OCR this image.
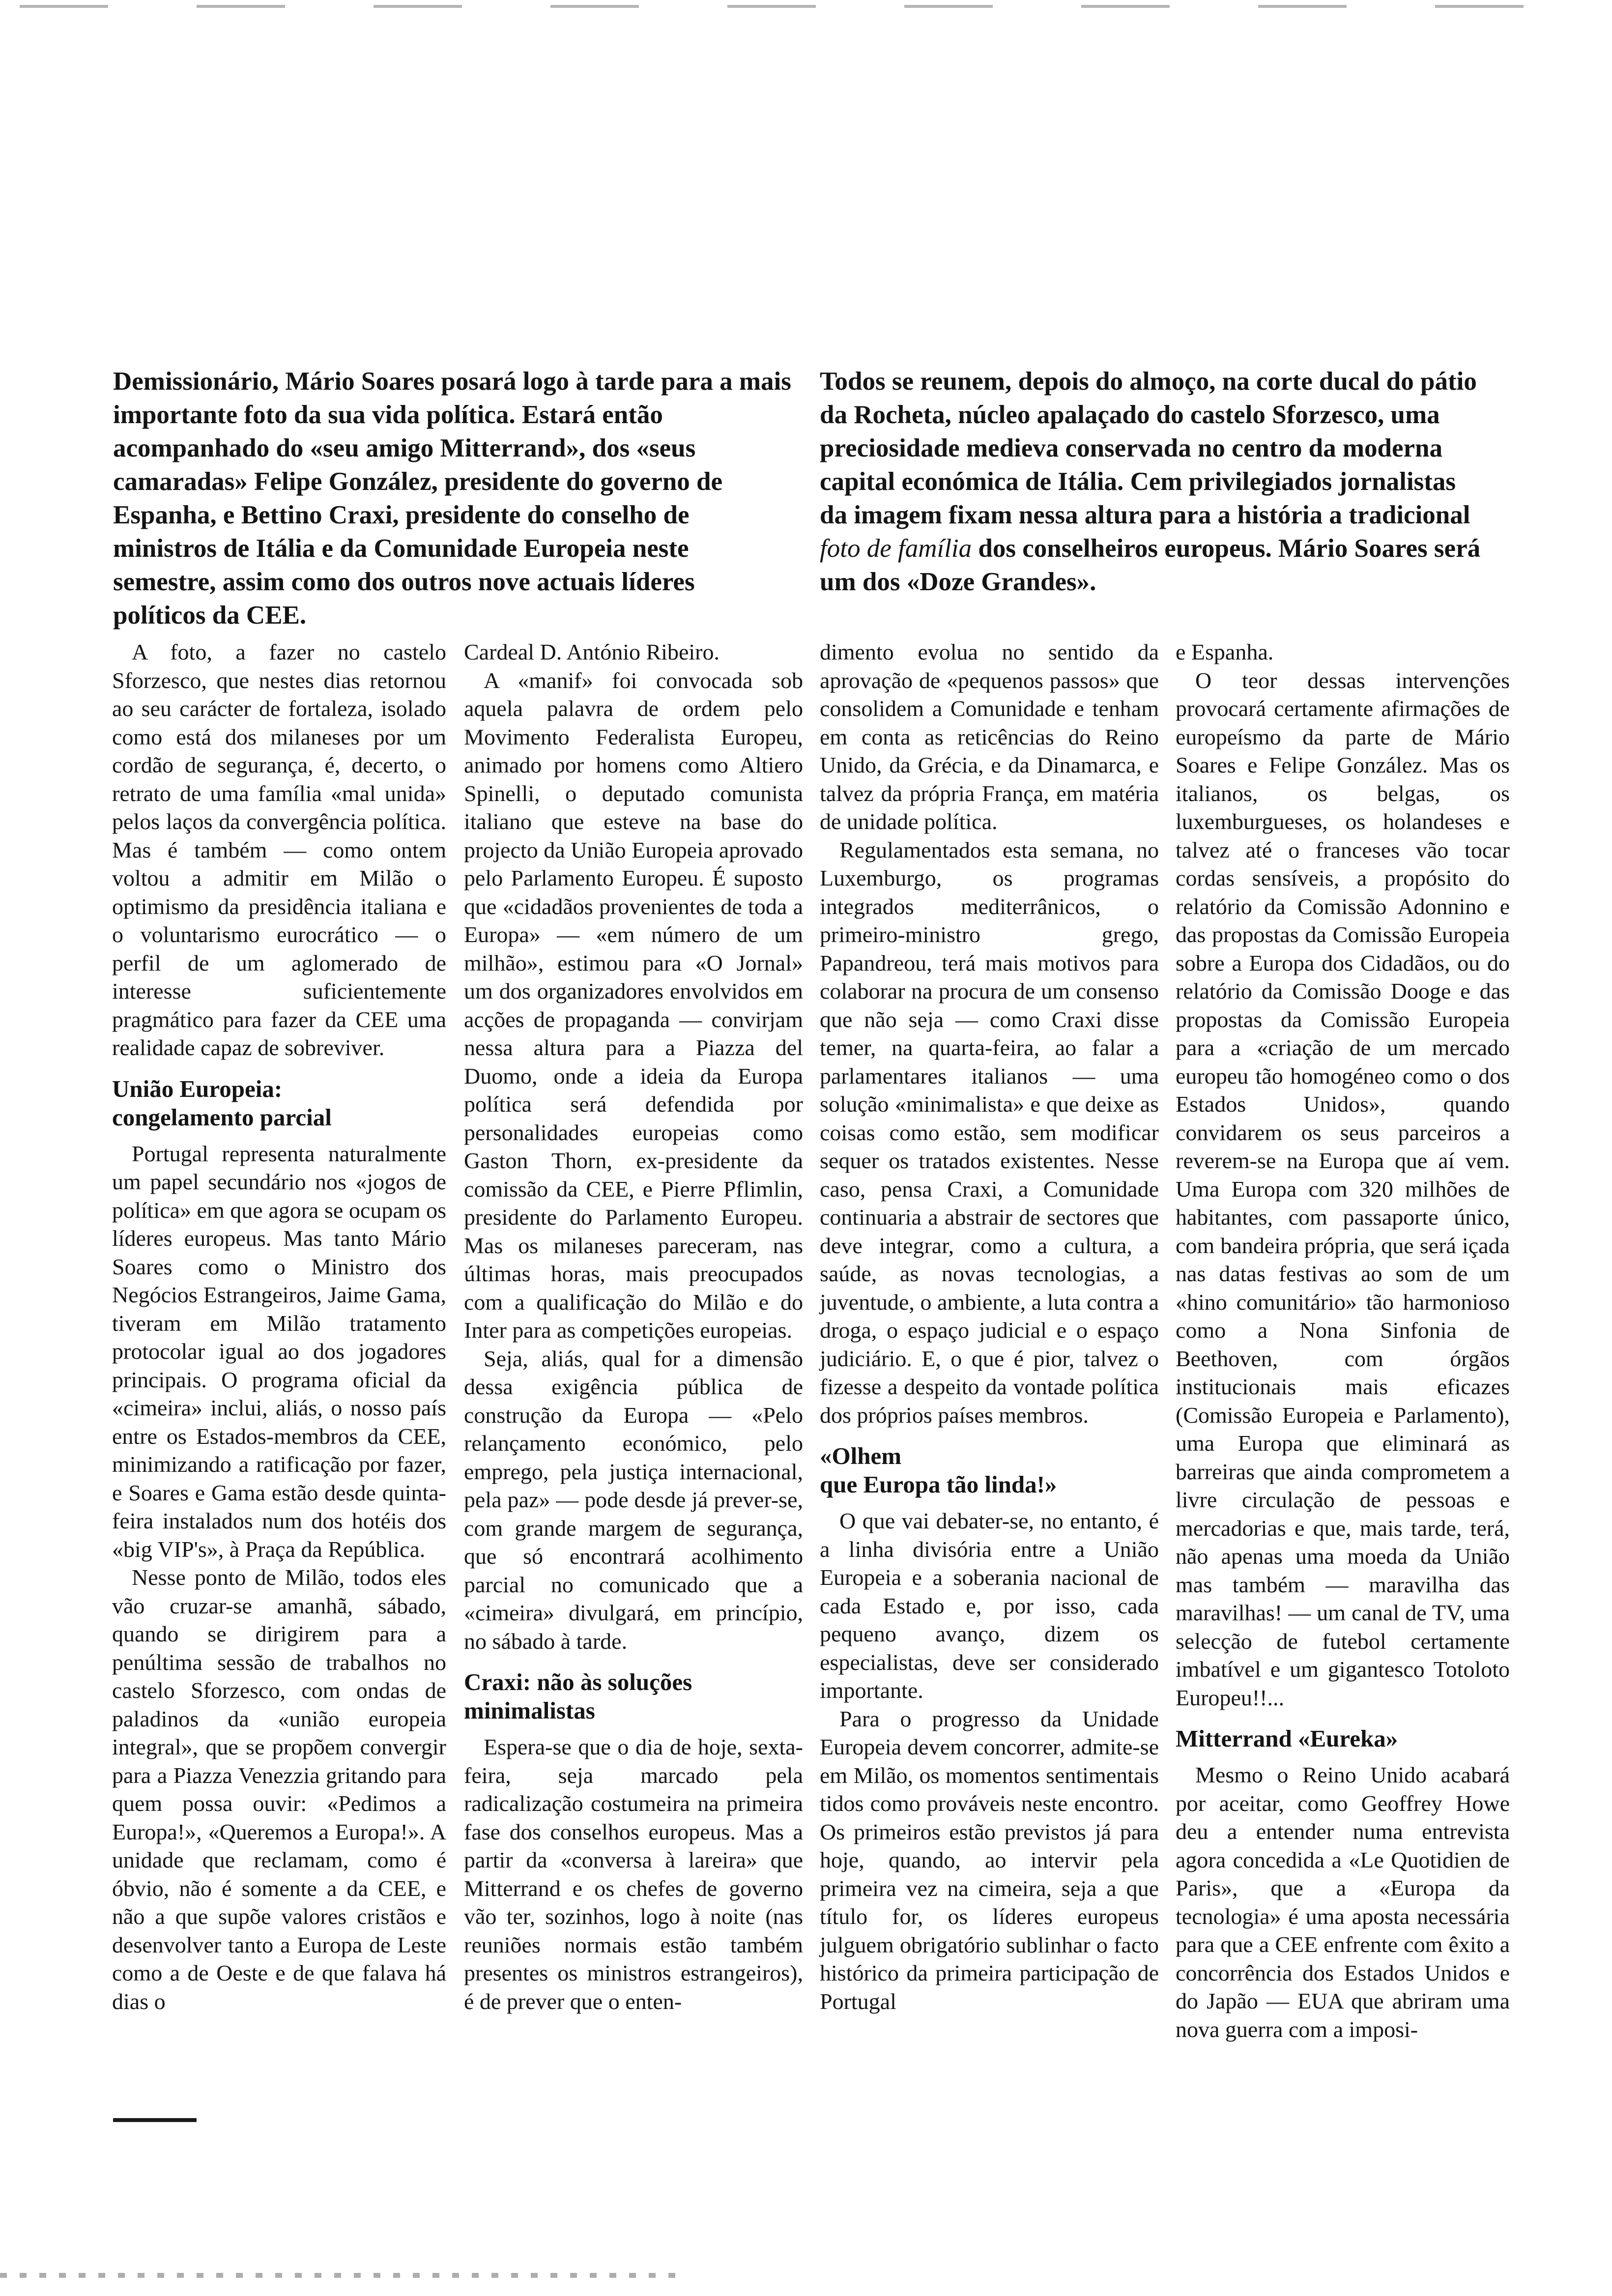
Demissionário, Mário Soares posará logo à tarde para a mais importante foto da sua vida política. Estará então acompanhado do «seu amigo Mitterrand», dos «seus camaradas» Felipe González, presidente do governo de Espanha, e Bettino Craxi, presidente do conselho de ministros de Itália e da Comunidade Europeia neste semestre, assim como dos outros nove actuais líderes políticos da CEE.

Todos se reunem, depois do almoço, na corte ducal do pátio da Rocheta, núcleo apalaçado do castelo Sforzesco, uma preciosidade medieva conservada no centro da moderna capital económica de Itália. Cem privilegiados jornalistas da imagem fixam nessa altura para a história a tradicional foto de família dos conselheiros europeus. Mário Soares será um dos «Doze Grandes».

A foto, a fazer no castelo Sforzesco, que nestes dias retornou ao seu carácter de fortaleza, isolado como está dos milaneses por um cordão de segurança, é, decerto, o retrato de uma família «mal unida» pelos laços da convergência política. Mas é também — como ontem voltou a admitir em Milão o optimismo da presidência italiana e o voluntarismo eurocrático — o perfil de um aglomerado de interesse suficientemente pragmático para fazer da CEE uma realidade capaz de sobreviver.

União Europeia:
congelamento parcial

Portugal representa naturalmente um papel secundário nos «jogos de política» em que agora se ocupam os líderes europeus. Mas tanto Mário Soares como o Ministro dos Negócios Estrangeiros, Jaime Gama, tiveram em Milão tratamento protocolar igual ao dos jogadores principais. O programa oficial da «cimeira» inclui, aliás, o nosso país entre os Estados-membros da CEE, minimizando a ratificação por fazer, e Soares e Gama estão desde quinta-feira instalados num dos hotéis dos «big VIP's», à Praça da República.

Nesse ponto de Milão, todos eles vão cruzar-se amanhã, sábado, quando se dirigirem para a penúltima sessão de trabalhos no castelo Sforzesco, com ondas de paladinos da «união europeia integral», que se propõem convergir para a Piazza Venezzia gritando para quem possa ouvir: «Pedimos a Europa!», «Queremos a Europa!». A unidade que reclamam, como é óbvio, não é somente a da CEE, e não a que supõe valores cristãos e desenvolver tanto a Europa de Leste como a de Oeste e de que falava há dias o

Cardeal D. António Ribeiro.

A «manif» foi convocada sob aquela palavra de ordem pelo Movimento Federalista Europeu, animado por homens como Altiero Spinelli, o deputado comunista italiano que esteve na base do projecto da União Europeia aprovado pelo Parlamento Europeu. É suposto que «cidadãos provenientes de toda a Europa» — «em número de um milhão», estimou para «O Jornal» um dos organizadores envolvidos em acções de propaganda — convirjam nessa altura para a Piazza del Duomo, onde a ideia da Europa política será defendida por personalidades europeias como Gaston Thorn, ex-presidente da comissão da CEE, e Pierre Pflimlin, presidente do Parlamento Europeu. Mas os milaneses pareceram, nas últimas horas, mais preocupados com a qualificação do Milão e do Inter para as competições europeias.

Seja, aliás, qual for a dimensão dessa exigência pública de construção da Europa — «Pelo relançamento económico, pelo emprego, pela justiça internacional, pela paz» — pode desde já prever-se, com grande margem de segurança, que só encontrará acolhimento parcial no comunicado que a «cimeira» divulgará, em princípio, no sábado à tarde.

Craxi: não às soluções
minimalistas

Espera-se que o dia de hoje, sexta-feira, seja marcado pela radicalização costumeira na primeira fase dos conselhos europeus. Mas a partir da «conversa à lareira» que Mitterrand e os chefes de governo vão ter, sozinhos, logo à noite (nas reuniões normais estão também presentes os ministros estrangeiros), é de prever que o enten-

dimento evolua no sentido da aprovação de «pequenos passos» que consolidem a Comunidade e tenham em conta as reticências do Reino Unido, da Grécia, e da Dinamarca, e talvez da própria França, em matéria de unidade política.

Regulamentados esta semana, no Luxemburgo, os programas integrados mediterrânicos, o primeiro-ministro grego, Papandreou, terá mais motivos para colaborar na procura de um consenso que não seja — como Craxi disse temer, na quarta-feira, ao falar a parlamentares italianos — uma solução «minimalista» e que deixe as coisas como estão, sem modificar sequer os tratados existentes. Nesse caso, pensa Craxi, a Comunidade continuaria a abstrair de sectores que deve integrar, como a cultura, a saúde, as novas tecnologias, a juventude, o ambiente, a luta contra a droga, o espaço judicial e o espaço judiciário. E, o que é pior, talvez o fizesse a despeito da vontade política dos próprios países membros.

«Olhem
que Europa tão linda!»

O que vai debater-se, no entanto, é a linha divisória entre a União Europeia e a soberania nacional de cada Estado e, por isso, cada pequeno avanço, dizem os especialistas, deve ser considerado importante.

Para o progresso da Unidade Europeia devem concorrer, admite-se em Milão, os momentos sentimentais tidos como prováveis neste encontro. Os primeiros estão previstos já para hoje, quando, ao intervir pela primeira vez na cimeira, seja a que título for, os líderes europeus julguem obrigatório sublinhar o facto histórico da primeira participação de Portugal

e Espanha.

O teor dessas intervenções provocará certamente afirmações de europeísmo da parte de Mário Soares e Felipe González. Mas os italianos, os belgas, os luxemburgueses, os holandeses e talvez até o franceses vão tocar cordas sensíveis, a propósito do relatório da Comissão Adonnino e das propostas da Comissão Europeia sobre a Europa dos Cidadãos, ou do relatório da Comissão Dooge e das propostas da Comissão Europeia para a «criação de um mercado europeu tão homogéneo como o dos Estados Unidos», quando convidarem os seus parceiros a reverem-se na Europa que aí vem. Uma Europa com 320 milhões de habitantes, com passaporte único, com bandeira própria, que será içada nas datas festivas ao som de um «hino comunitário» tão harmonioso como a Nona Sinfonia de Beethoven, com órgãos institucionais mais eficazes (Comissão Europeia e Parlamento), uma Europa que eliminará as barreiras que ainda comprometem a livre circulação de pessoas e mercadorias e que, mais tarde, terá, não apenas uma moeda da União mas também — maravilha das maravilhas! — um canal de TV, uma selecção de futebol certamente imbatível e um gigantesco Totoloto Europeu!!...

Mitterrand «Eureka»

Mesmo o Reino Unido acabará por aceitar, como Geoffrey Howe deu a entender numa entrevista agora concedida a «Le Quotidien de Paris», que a «Europa da tecnologia» é uma aposta necessária para que a CEE enfrente com êxito a concorrência dos Estados Unidos e do Japão — EUA que abriram uma nova guerra com a imposi-
